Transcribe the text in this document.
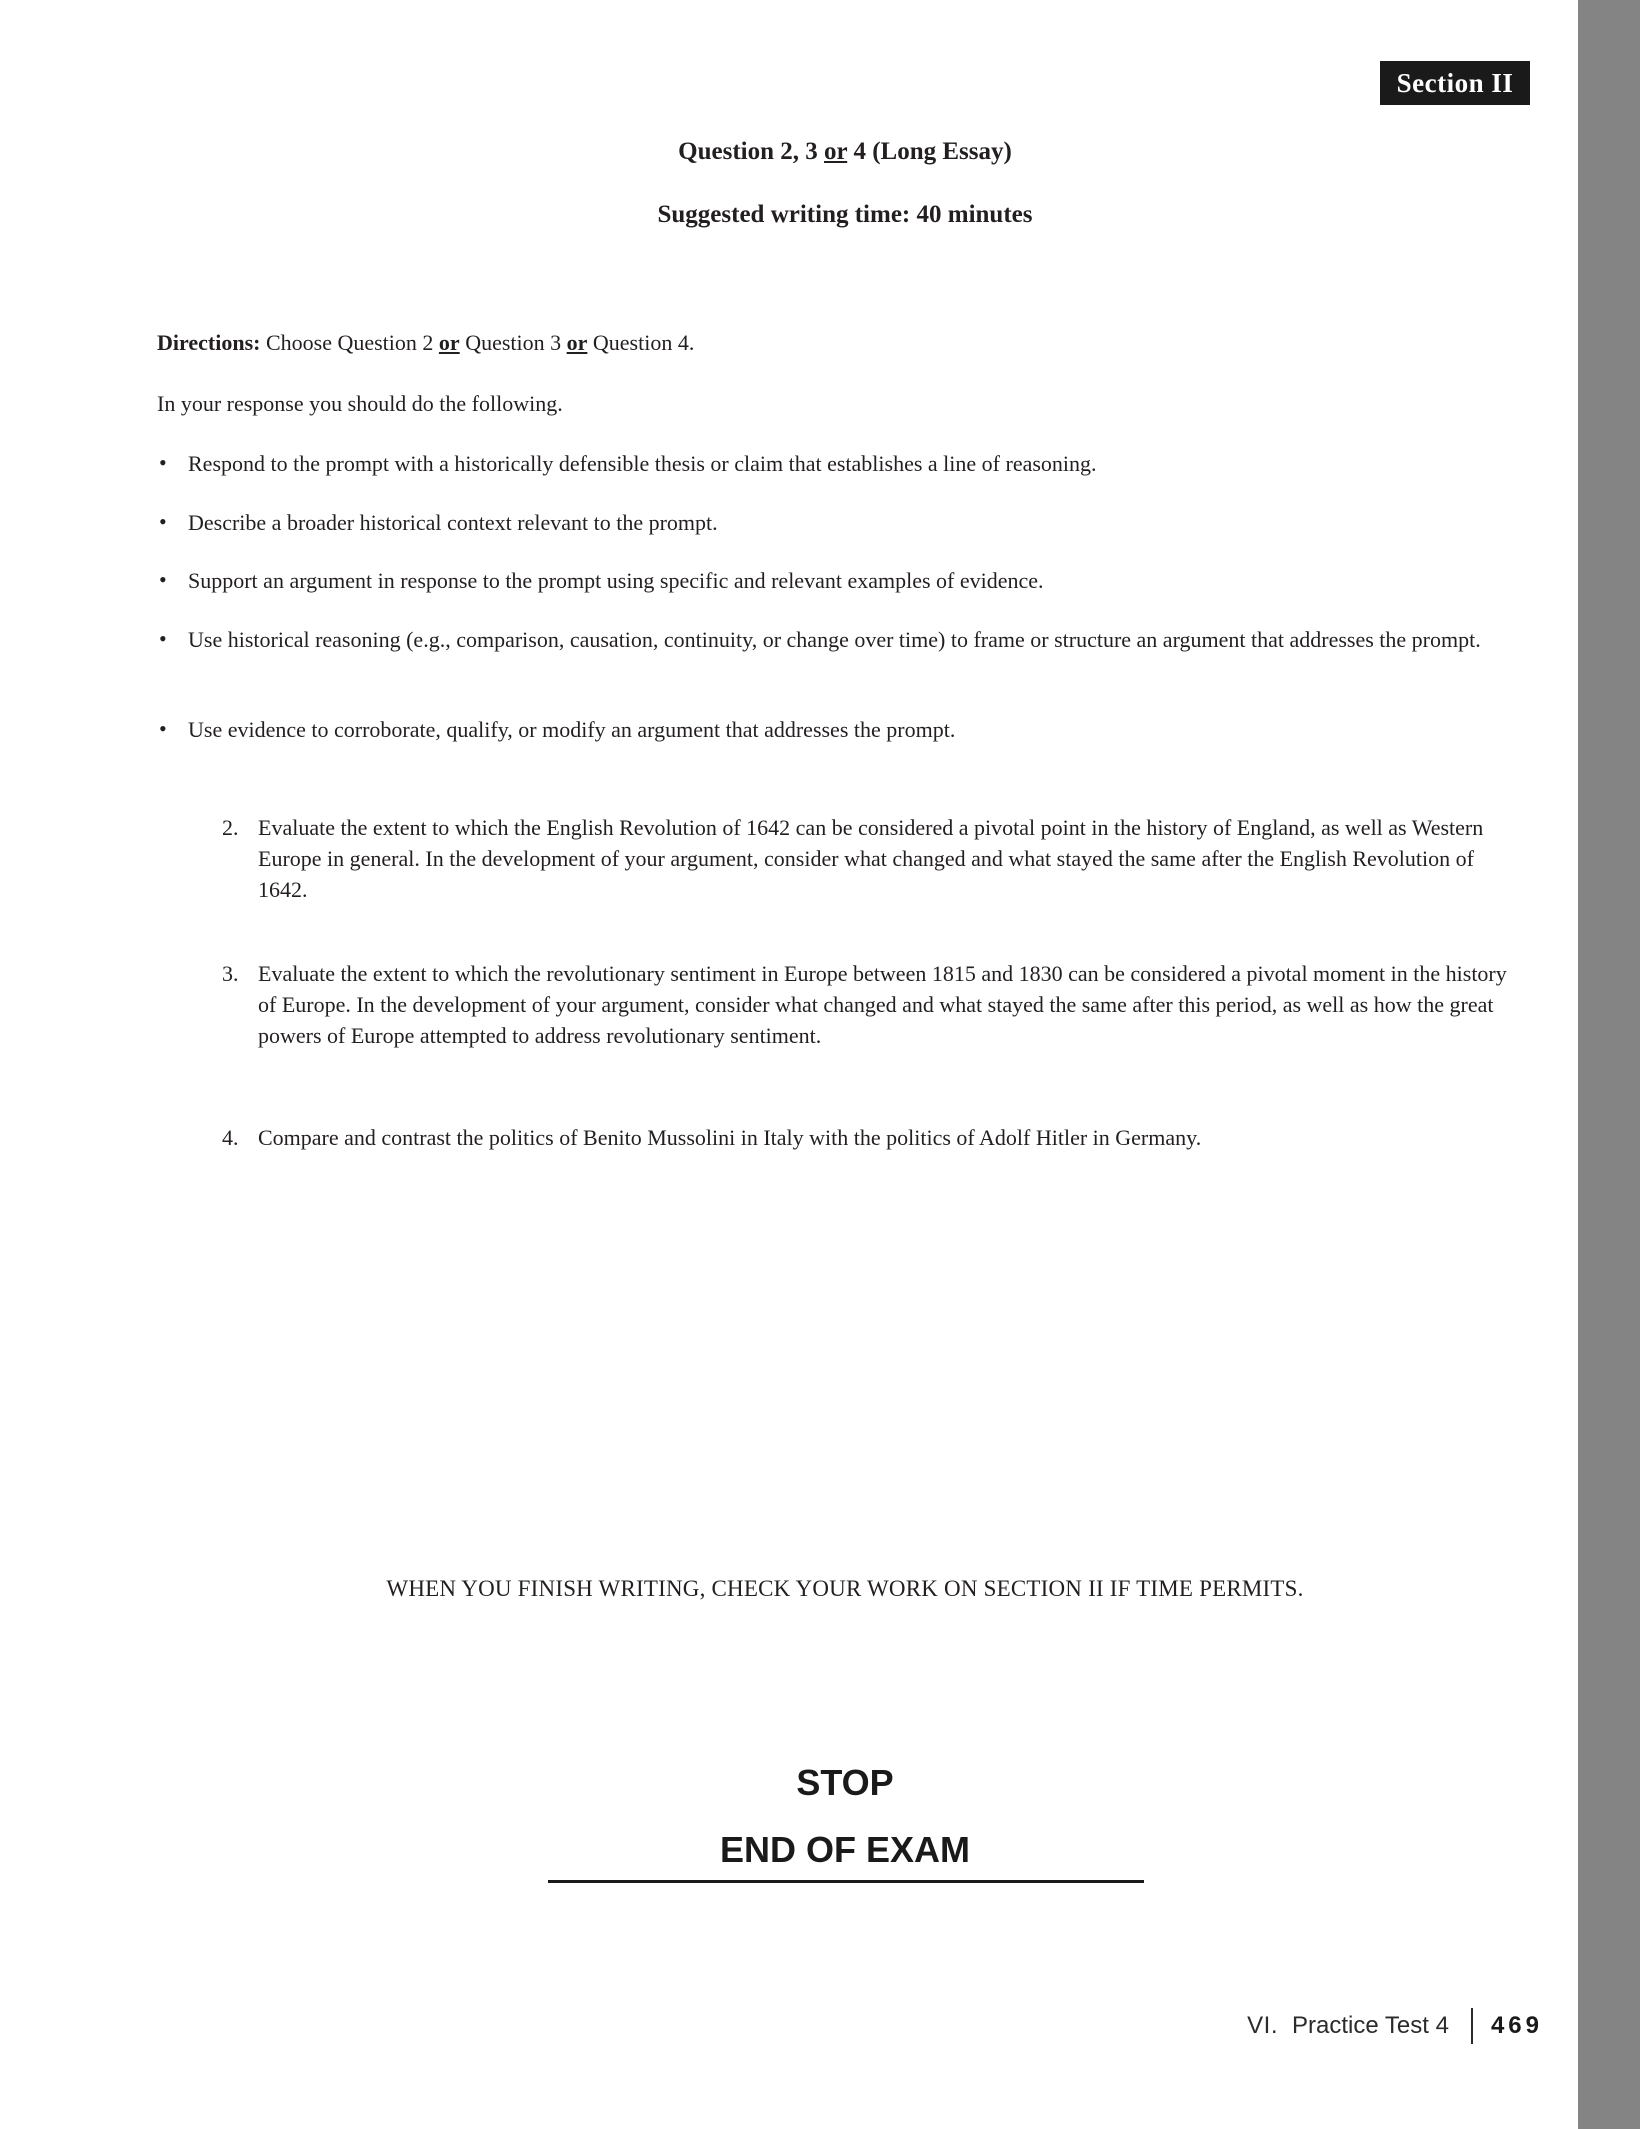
Section II
Question 2, 3 or 4 (Long Essay)
Suggested writing time: 40 minutes

Directions: Choose Question 2 or Question 3 or Question 4.

In your response you should do the following.

• Respond to the prompt with a historically defensible thesis or claim that establishes a line of reasoning.
• Describe a broader historical context relevant to the prompt.
• Support an argument in response to the prompt using specific and relevant examples of evidence.
• Use historical reasoning (e.g., comparison, causation, continuity, or change over time) to frame or structure an argument that addresses the prompt.
• Use evidence to corroborate, qualify, or modify an argument that addresses the prompt.
2. Evaluate the extent to which the English Revolution of 1642 can be considered a pivotal point in the history of England, as well as Western Europe in general. In the development of your argument, consider what changed and what stayed the same after the English Revolution of 1642.
3. Evaluate the extent to which the revolutionary sentiment in Europe between 1815 and 1830 can be considered a pivotal moment in the history of Europe. In the development of your argument, consider what changed and what stayed the same after this period, as well as how the great powers of Europe attempted to address revolutionary sentiment.
4. Compare and contrast the politics of Benito Mussolini in Italy with the politics of Adolf Hitler in Germany.

WHEN YOU FINISH WRITING, CHECK YOUR WORK ON SECTION II IF TIME PERMITS.

STOP

END OF EXAM

VI. Practice Test 4 469
